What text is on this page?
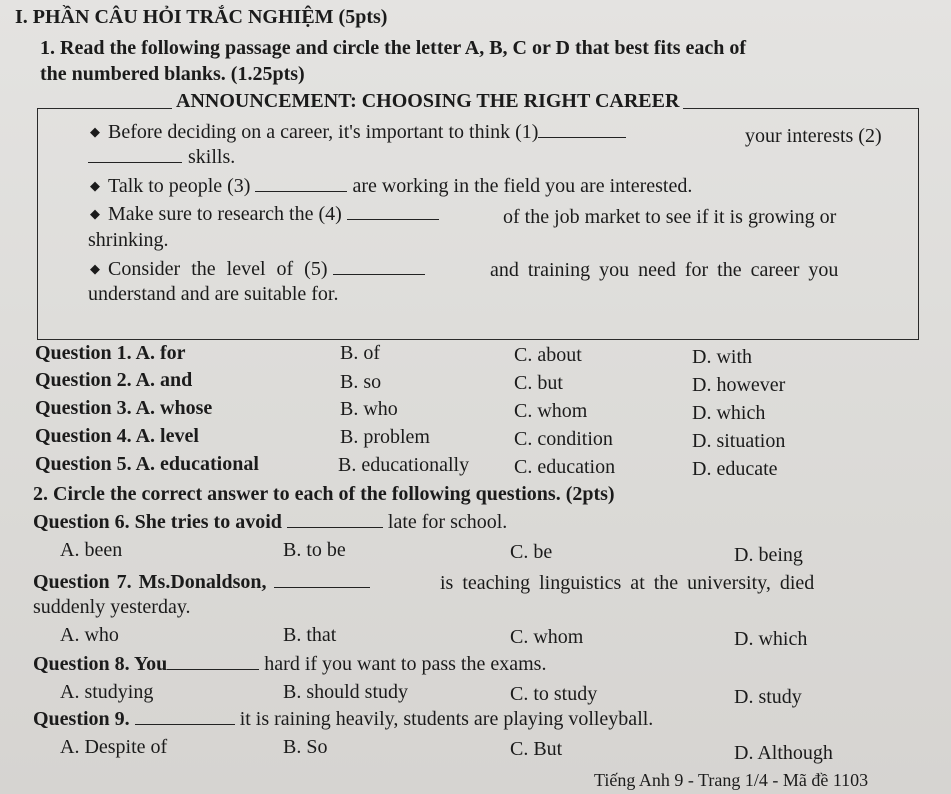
I. PHẦN CÂU HỎI TRẮC NGHIỆM (5pts)
1. Read the following passage and circle the letter A, B, C or D that best fits each of
the numbered blanks. (1.25pts)
ANNOUNCEMENT: CHOOSING THE RIGHT CAREER
◆ Before deciding on a career, it's important to think (1)	your interests (2)
skills.
◆ Talk to people (3)	are working in the field you are interested.
◆ Make sure to research the (4)	of the job market to see if it is growing or
shrinking.
◆ Consider the level of (5)	and training you need for the career you
understand and are suitable for.
Question 1. A. for	B. of	C. about	D. with
Question 2. A. and	B. so	C. but	D. however
Question 3. A. whose	B. who	C. whom	D. which
Question 4. A. level	B. problem	C. condition	D. situation
Question 5. A. educational	B. educationally C. education	D. educate
2. Circle the correct answer to each of the following questions. (2pts)
Question 6. She tries to avoid	late for school.
A. been	B. to be	C. be	D. being
Question 7. Ms.Donaldson,	is teaching linguistics at the university, died
suddenly yesterday.
A. who	B. that	C. whom	D. which
Question 8. You	hard if you want to pass the exams.
A. studying	B. should study	C. to study	D. study
Question 9.	it is raining heavily, students are playing volleyball.
A. Despite of	B. So	C. But	D. Although
Tiếng Anh 9 - Trang 1/4 - Mã đề 1103
